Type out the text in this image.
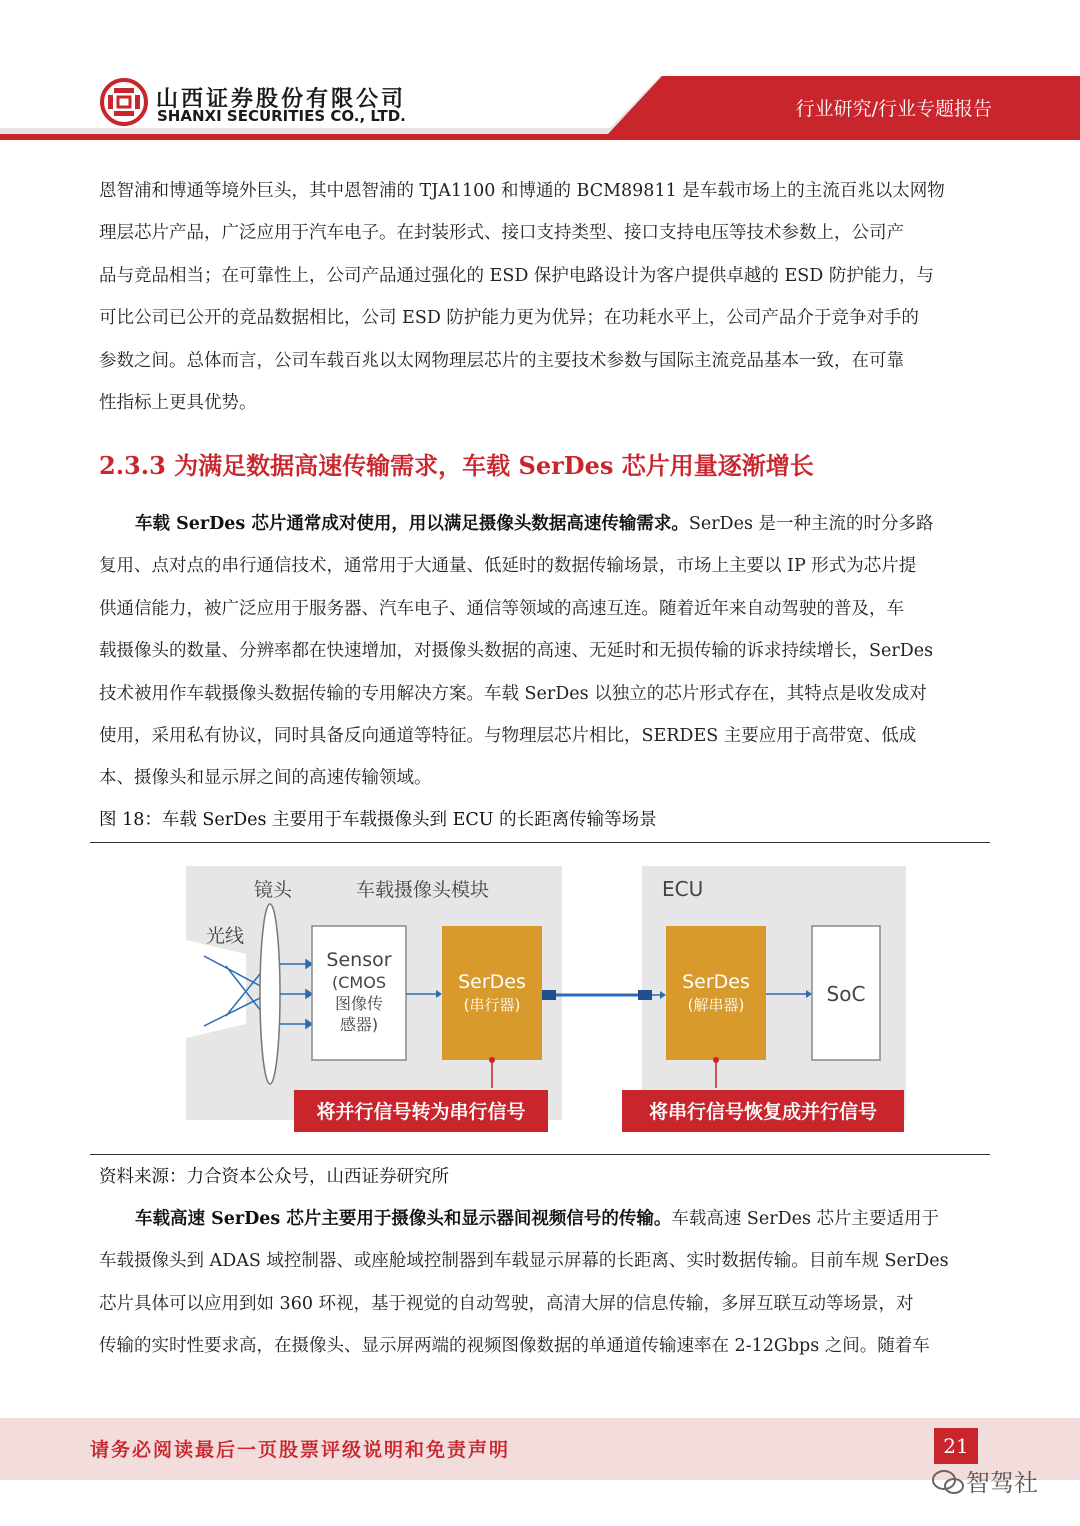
山西证券股份有限公司
SHANXI SECURITIES CO., LTD.	行业研究/行业专题报告
恩智浦和博通等境外巨头，其中恩智浦的 TJA1100 和博通的 BCM89811 是车载市场上的主流百兆以太网物
理层芯片产品，广泛应用于汽车电子。在封装形式、接口支持类型、接口支持电压等技术参数上，公司产
品与竞品相当；在可靠性上，公司产品通过强化的 ESD 保护电路设计为客户提供卓越的 ESD 防护能力，与
可比公司已公开的竞品数据相比，公司 ESD 防护能力更为优异；在功耗水平上，公司产品介于竞争对手的
参数之间。总体而言，公司车载百兆以太网物理层芯片的主要技术参数与国际主流竞品基本一致，在可靠
性指标上更具优势。
2.3.3 为满足数据高速传输需求，车载 SerDes 芯片用量逐渐增长
车载 SerDes 芯片通常成对使用，用以满足摄像头数据高速传输需求。SerDes 是一种主流的时分多路
复用、点对点的串行通信技术，通常用于大通量、低延时的数据传输场景，市场上主要以 IP 形式为芯片提
供通信能力，被广泛应用于服务器、汽车电子、通信等领域的高速互连。随着近年来自动驾驶的普及，车
载摄像头的数量、分辨率都在快速增加，对摄像头数据的高速、无延时和无损传输的诉求持续增长，SerDes
技术被用作车载摄像头数据传输的专用解决方案。车载 SerDes 以独立的芯片形式存在，其特点是收发成对
使用，采用私有协议，同时具备反向通道等特征。与物理层芯片相比，SERDES 主要应用于高带宽、低成
本、摄像头和显示屏之间的高速传输领域。
图 18：车载 SerDes 主要用于车载摄像头到 ECU 的长距离传输等场景
镜头	车载摄像头模块
光线
ECU
Sensor
(CMOS
图像传
感器)
SerDes
(串行器)
SerDes
(解串器)	SoC
将并行信号转为串行信号	将串行信号恢复成并行信号
资料来源：力合资本公众号，山西证券研究所
车载高速 SerDes 芯片主要用于摄像头和显示器间视频信号的传输。车载高速 SerDes 芯片主要适用于
车载摄像头到 ADAS 域控制器、或座舱域控制器到车载显示屏幕的长距离、实时数据传输。目前车规 SerDes
芯片具体可以应用到如 360 环视，基于视觉的自动驾驶，高清大屏的信息传输，多屏互联互动等场景，对
传输的实时性要求高，在摄像头、显示屏两端的视频图像数据的单通道传输速率在 2-12Gbps 之间。随着车
请务必阅读最后一页股票评级说明和免责声明	21
智驾社
